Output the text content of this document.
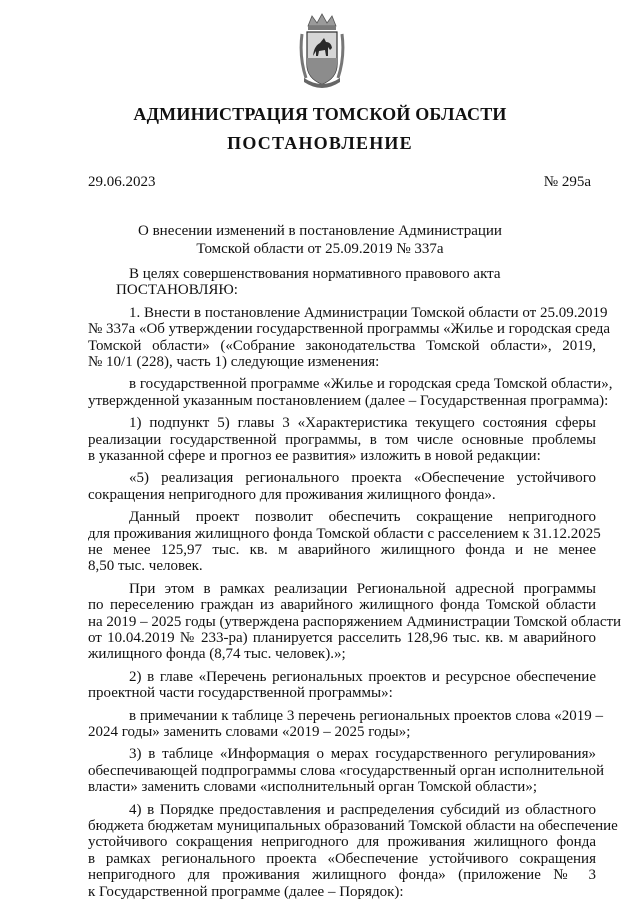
АДМИНИСТРАЦИЯ ТОМСКОЙ ОБЛАСТИ
ПОСТАНОВЛЕНИЕ
29.06.2023	№ 295а
О внесении изменений в постановление Администрации
Томской области от 25.09.2019 № 337а
В целях совершенствования нормативного правового акта
ПОСТАНОВЛЯЮ:
1. Внести в постановление Администрации Томской области от 25.09.2019
№ 337а «Об утверждении государственной программы «Жилье и городская среда
Томской области» («Собрание законодательства Томской области», 2019,
№ 10/1 (228), часть 1) следующие изменения:
в государственной программе «Жилье и городская среда Томской области»,
утвержденной указанным постановлением (далее – Государственная программа):
1) подпункт 5) главы 3 «Характеристика текущего состояния сферы
реализации государственной программы, в том числе основные проблемы
в указанной сфере и прогноз ее развития» изложить в новой редакции:
«5) реализация регионального проекта «Обеспечение устойчивого
сокращения непригодного для проживания жилищного фонда».
Данный проект позволит обеспечить сокращение непригодного
для проживания жилищного фонда Томской области с расселением к 31.12.2025
не менее 125,97 тыс. кв. м аварийного жилищного фонда и не менее
8,50 тыс. человек.
При этом в рамках реализации Региональной адресной программы
по переселению граждан из аварийного жилищного фонда Томской области
на 2019 – 2025 годы (утверждена распоряжением Администрации Томской области
от 10.04.2019 № 233-ра) планируется расселить 128,96 тыс. кв. м аварийного
жилищного фонда (8,74 тыс. человек).»;
2) в главе «Перечень региональных проектов и ресурсное обеспечение
проектной части государственной программы»:
в примечании к таблице 3 перечень региональных проектов слова «2019 –
2024 годы» заменить словами «2019 – 2025 годы»;
3) в таблице «Информация о мерах государственного регулирования»
обеспечивающей подпрограммы слова «государственный орган исполнительной
власти» заменить словами «исполнительный орган Томской области»;
4) в Порядке предоставления и распределения субсидий из областного
бюджета бюджетам муниципальных образований Томской области на обеспечение
устойчивого сокращения непригодного для проживания жилищного фонда
в рамках регионального проекта «Обеспечение устойчивого сокращения
непригодного для проживания жилищного фонда» (приложение № 3
к Государственной программе (далее – Порядок):
